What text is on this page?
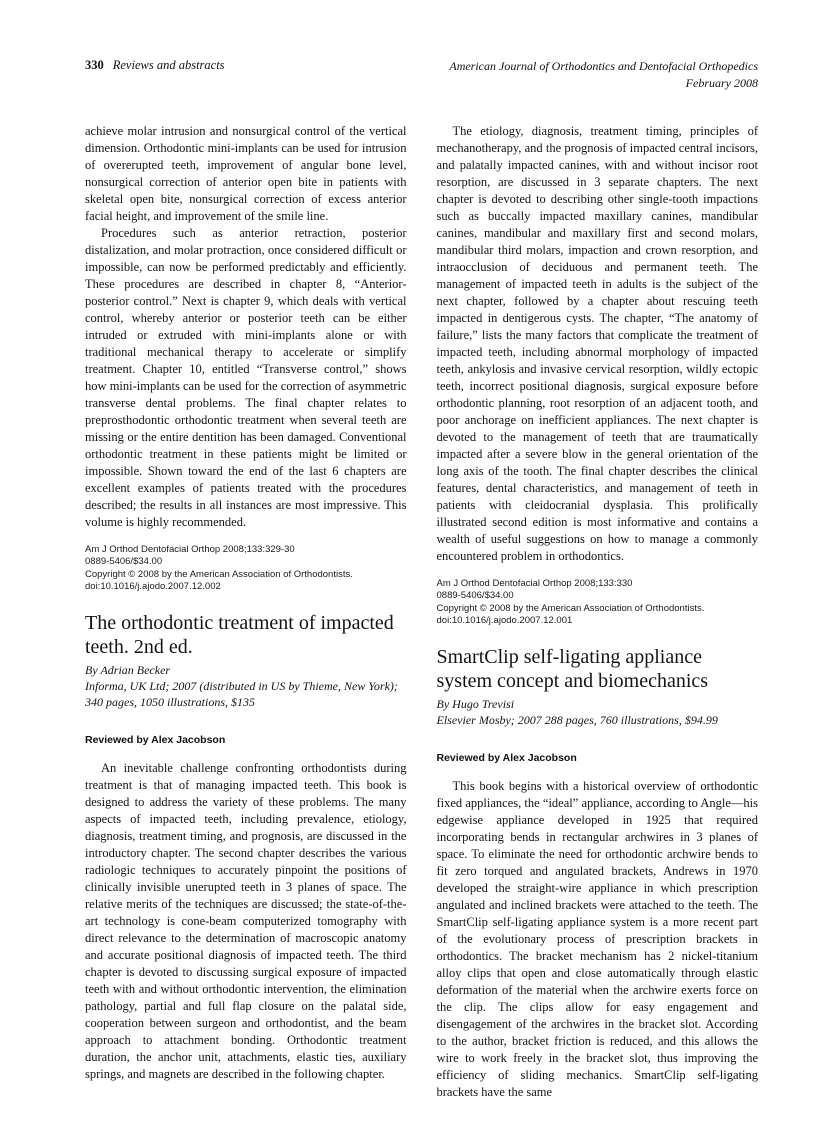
330 Reviews and abstracts	American Journal of Orthodontics and Dentofacial Orthopedics
February 2008

achieve molar intrusion and nonsurgical control of the vertical dimension. Orthodontic mini-implants can be used for intrusion of overerupted teeth, improvement of angular bone level, nonsurgical correction of anterior open bite in patients with skeletal open bite, nonsurgical correction of excess anterior facial height, and improvement of the smile line.

Procedures such as anterior retraction, posterior distalization, and molar protraction, once considered difficult or impossible, can now be performed predictably and efficiently. These procedures are described in chapter 8, “Anterior-posterior control.” Next is chapter 9, which deals with vertical control, whereby anterior or posterior teeth can be either intruded or extruded with mini-implants alone or with traditional mechanical therapy to accelerate or simplify treatment. Chapter 10, entitled “Transverse control,” shows how mini-implants can be used for the correction of asymmetric transverse dental problems. The final chapter relates to preprosthodontic orthodontic treatment when several teeth are missing or the entire dentition has been damaged. Conventional orthodontic treatment in these patients might be limited or impossible. Shown toward the end of the last 6 chapters are excellent examples of patients treated with the procedures described; the results in all instances are most impressive. This volume is highly recommended.

Am J Orthod Dentofacial Orthop 2008;133:329-30
0889-5406/$34.00
Copyright © 2008 by the American Association of Orthodontists.
doi:10.1016/j.ajodo.2007.12.002
The orthodontic treatment of impacted teeth. 2nd ed.

By Adrian Becker

Informa, UK Ltd; 2007 (distributed in US by Thieme, New York); 340 pages, 1050 illustrations, $135

Reviewed by Alex Jacobson

An inevitable challenge confronting orthodontists during treatment is that of managing impacted teeth. This book is designed to address the variety of these problems. The many aspects of impacted teeth, including prevalence, etiology, diagnosis, treatment timing, and prognosis, are discussed in the introductory chapter. The second chapter describes the various radiologic techniques to accurately pinpoint the positions of clinically invisible unerupted teeth in 3 planes of space. The relative merits of the techniques are discussed; the state-of-the-art technology is cone-beam computerized tomography with direct relevance to the determination of macroscopic anatomy and accurate positional diagnosis of impacted teeth. The third chapter is devoted to discussing surgical exposure of impacted teeth with and without orthodontic intervention, the elimination pathology, partial and full flap closure on the palatal side, cooperation between surgeon and orthodontist, and the beam approach to attachment bonding. Orthodontic treatment duration, the anchor unit, attachments, elastic ties, auxiliary springs, and magnets are described in the following chapter.

The etiology, diagnosis, treatment timing, principles of mechanotherapy, and the prognosis of impacted central incisors, and palatally impacted canines, with and without incisor root resorption, are discussed in 3 separate chapters. The next chapter is devoted to describing other single-tooth impactions such as buccally impacted maxillary canines, mandibular canines, mandibular and maxillary first and second molars, mandibular third molars, impaction and crown resorption, and intraocclusion of deciduous and permanent teeth. The management of impacted teeth in adults is the subject of the next chapter, followed by a chapter about rescuing teeth impacted in dentigerous cysts. The chapter, “The anatomy of failure,” lists the many factors that complicate the treatment of impacted teeth, including abnormal morphology of impacted teeth, ankylosis and invasive cervical resorption, wildly ectopic teeth, incorrect positional diagnosis, surgical exposure before orthodontic planning, root resorption of an adjacent tooth, and poor anchorage on inefficient appliances. The next chapter is devoted to the management of teeth that are traumatically impacted after a severe blow in the general orientation of the long axis of the tooth. The final chapter describes the clinical features, dental characteristics, and management of teeth in patients with cleidocranial dysplasia. This prolifically illustrated second edition is most informative and contains a wealth of useful suggestions on how to manage a commonly encountered problem in orthodontics.

Am J Orthod Dentofacial Orthop 2008;133:330
0889-5406/$34.00
Copyright © 2008 by the American Association of Orthodontists.
doi:10.1016/j.ajodo.2007.12.001
SmartClip self-ligating appliance system concept and biomechanics

By Hugo Trevisi

Elsevier Mosby; 2007 288 pages, 760 illustrations, $94.99

Reviewed by Alex Jacobson

This book begins with a historical overview of orthodontic fixed appliances, the “ideal” appliance, according to Angle—his edgewise appliance developed in 1925 that required incorporating bends in rectangular archwires in 3 planes of space. To eliminate the need for orthodontic archwire bends to fit zero torqued and angulated brackets, Andrews in 1970 developed the straight-wire appliance in which prescription angulated and inclined brackets were attached to the teeth. The SmartClip self-ligating appliance system is a more recent part of the evolutionary process of prescription brackets in orthodontics. The bracket mechanism has 2 nickel-titanium alloy clips that open and close automatically through elastic deformation of the material when the archwire exerts force on the clip. The clips allow for easy engagement and disengagement of the archwires in the bracket slot. According to the author, bracket friction is reduced, and this allows the wire to work freely in the bracket slot, thus improving the efficiency of sliding mechanics. SmartClip self-ligating brackets have the same
